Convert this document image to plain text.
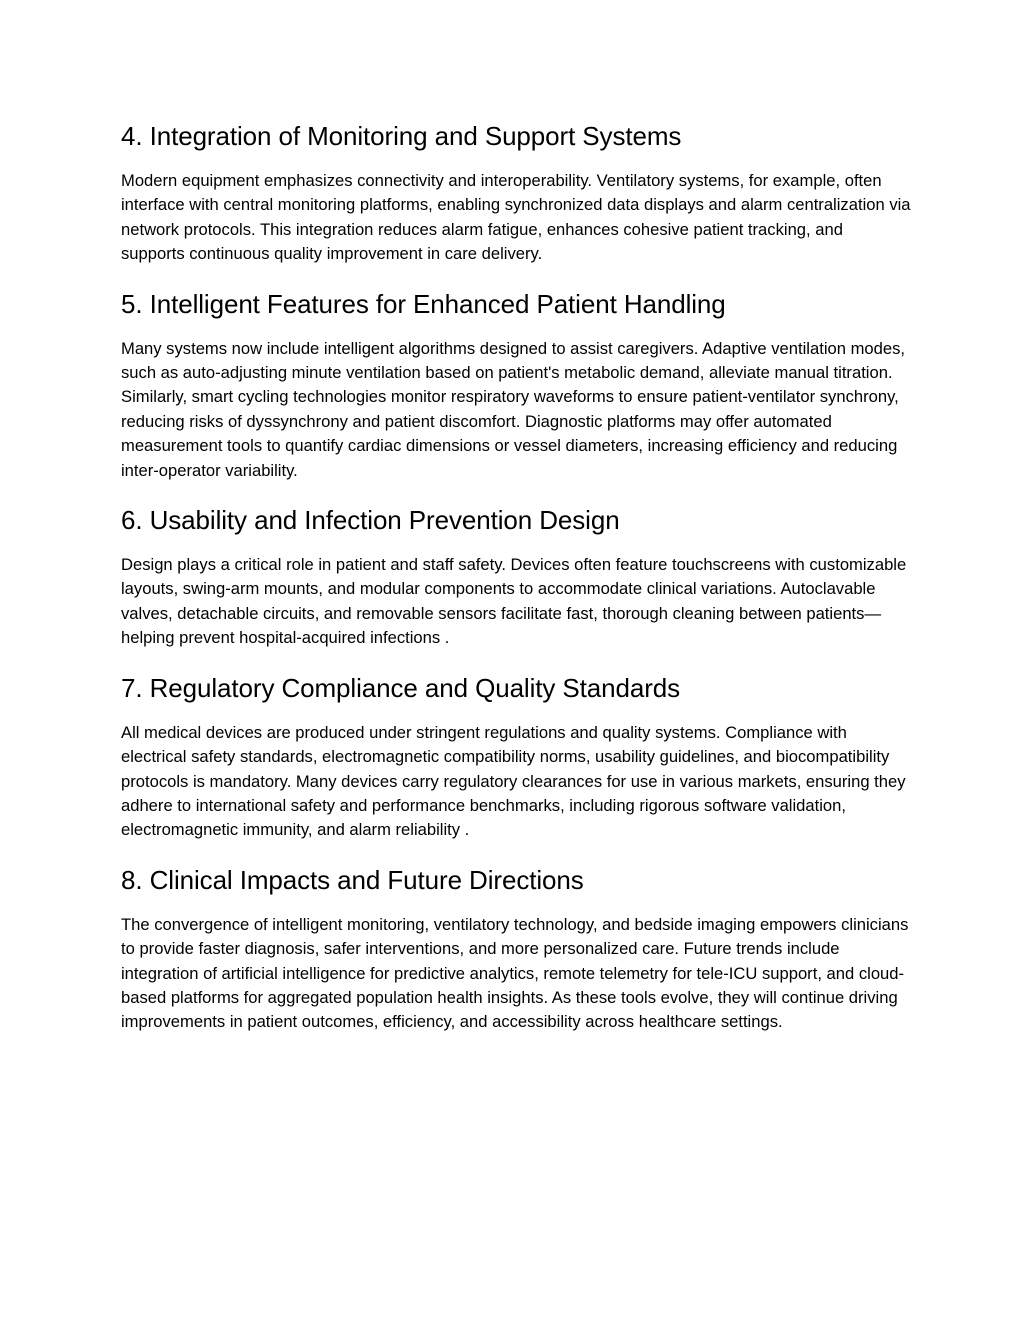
4. Integration of Monitoring and Support Systems

Modern equipment emphasizes connectivity and interoperability. Ventilatory systems, for example, often interface with central monitoring platforms, enabling synchronized data displays and alarm centralization via network protocols. This integration reduces alarm fatigue, enhances cohesive patient tracking, and supports continuous quality improvement in care delivery.

5. Intelligent Features for Enhanced Patient Handling

Many systems now include intelligent algorithms designed to assist caregivers. Adaptive ventilation modes, such as auto-adjusting minute ventilation based on patient's metabolic demand, alleviate manual titration. Similarly, smart cycling technologies monitor respiratory waveforms to ensure patient‑ventilator synchrony, reducing risks of dyssynchrony and patient discomfort. Diagnostic platforms may offer automated measurement tools to quantify cardiac dimensions or vessel diameters, increasing efficiency and reducing inter‑operator variability.

6. Usability and Infection Prevention Design

Design plays a critical role in patient and staff safety. Devices often feature touchscreens with customizable layouts, swing‑arm mounts, and modular components to accommodate clinical variations. Autoclavable valves, detachable circuits, and removable sensors facilitate fast, thorough cleaning between patients—helping prevent hospital-acquired infections .

7. Regulatory Compliance and Quality Standards

All medical devices are produced under stringent regulations and quality systems. Compliance with electrical safety standards, electromagnetic compatibility norms, usability guidelines, and biocompatibility protocols is mandatory. Many devices carry regulatory clearances for use in various markets, ensuring they adhere to international safety and performance benchmarks, including rigorous software validation, electromagnetic immunity, and alarm reliability .

8. Clinical Impacts and Future Directions

The convergence of intelligent monitoring, ventilatory technology, and bedside imaging empowers clinicians to provide faster diagnosis, safer interventions, and more personalized care. Future trends include integration of artificial intelligence for predictive analytics, remote telemetry for tele‑ICU support, and cloud-based platforms for aggregated population health insights. As these tools evolve, they will continue driving improvements in patient outcomes, efficiency, and accessibility across healthcare settings.
